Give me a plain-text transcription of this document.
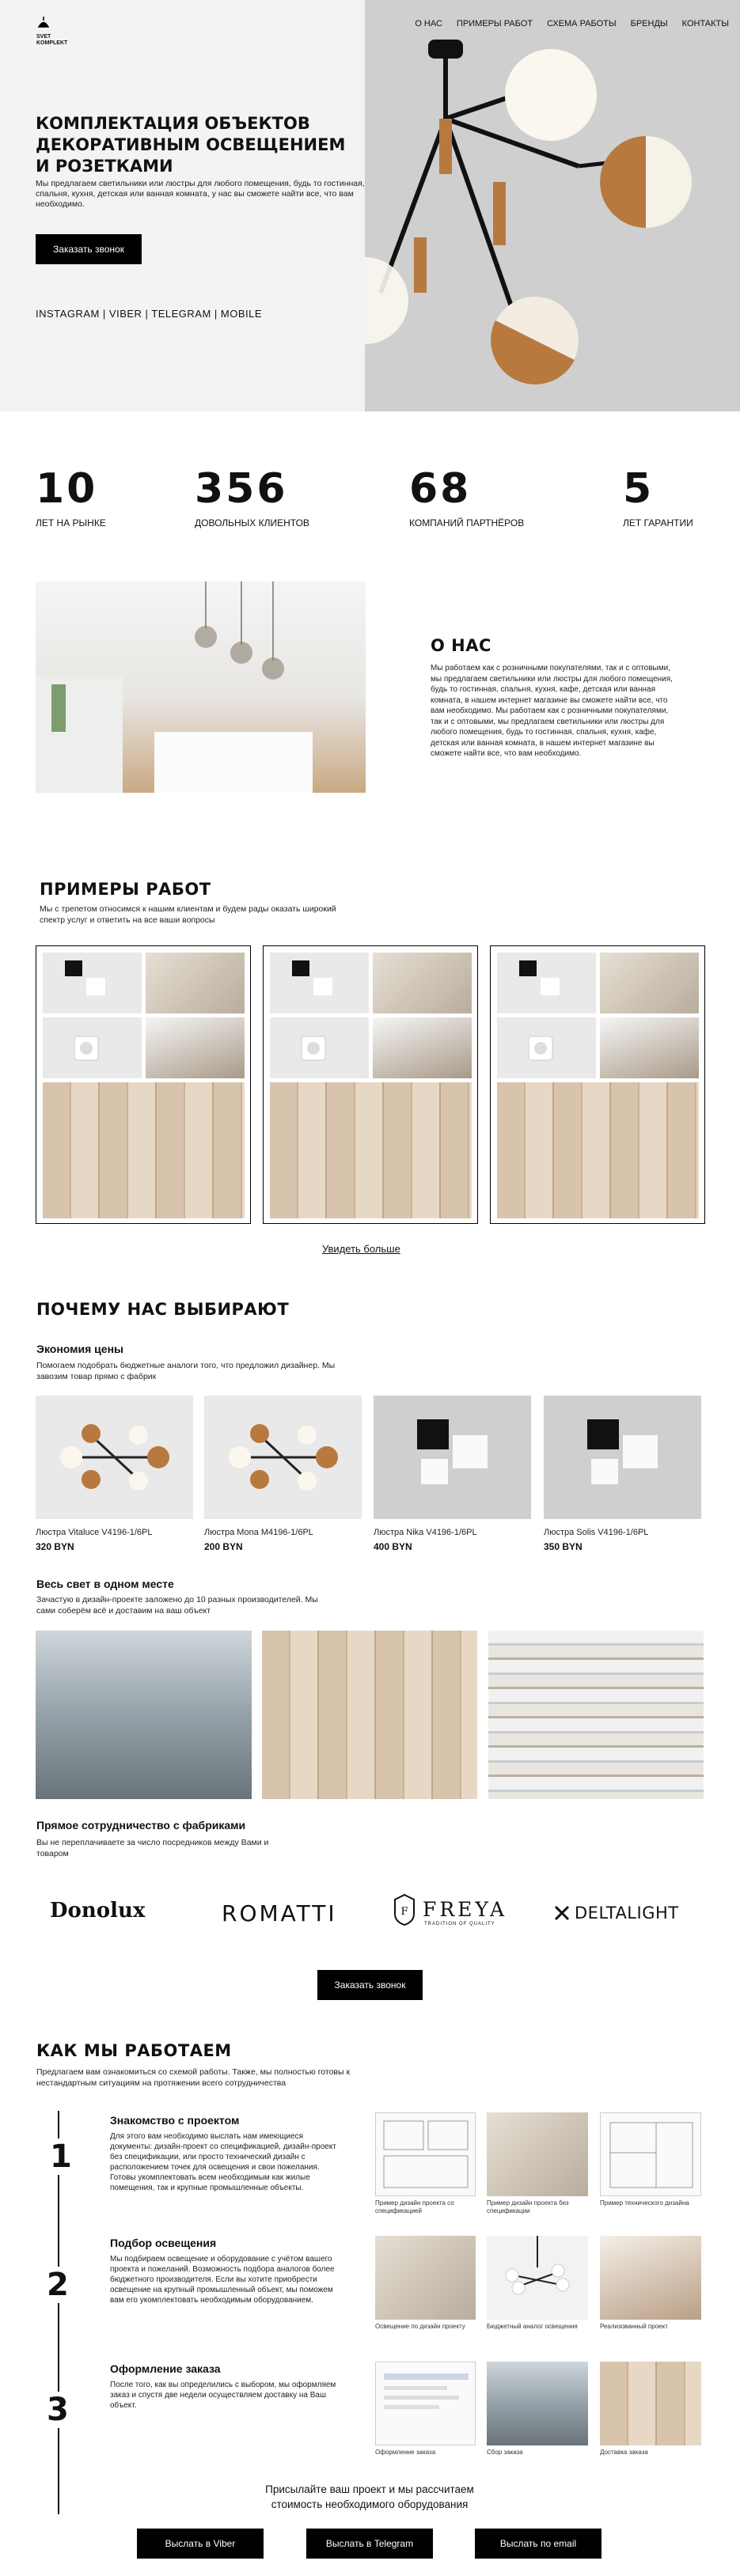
SVET
KOMPLEKT
О НАС ПРИМЕРЫ РАБОТ СХЕМА РАБОТЫ БРЕНДЫ КОНТАКТЫ
КОМПЛЕКТАЦИЯ ОБЪЕКТОВ ДЕКОРАТИВНЫМ ОСВЕЩЕНИЕМ И РОЗЕТКАМИ
Мы предлагаем светильники или люстры для любого помещения, будь то гостинная, спальня, кухня, детская или ванная комната, у нас вы сможете найти все, что вам необходимо.
Заказать звонок
INSTAGRAM | VIBER | TELEGRAM | MOBILE
10
ЛЕТ НА РЫНКЕ
356
ДОВОЛЬНЫХ КЛИЕНТОВ
68
КОМПАНИЙ ПАРТНЁРОВ
5
ЛЕТ ГАРАНТИИ
О НАС
Мы работаем как с розничными покупателями, так и с оптовыми, мы предлагаем светильники или люстры для любого помещения, будь то гостинная, спальня, кухня, кафе, детская или ванная комната, в нашем интернет магазине вы сможете найти все, что вам необходимо. Мы работаем как с розничными покупателями, так и с оптовыми, мы предлагаем светильники или люстры для любого помещения, будь то гостинная, спальня, кухня, кафе, детская или ванная комната, в нашем интернет магазине вы сможете найти все, что вам необходимо.
ПРИМЕРЫ РАБОТ
Мы с трепетом относимся к нашим клиентам и будем рады оказать широкий спектр услуг и ответить на все ваши вопросы
Увидеть больше
ПОЧЕМУ НАС ВЫБИРАЮТ
Экономия цены
Помогаем подобрать бюджетные аналоги того, что предложил дизайнер. Мы завозим товар прямо с фабрик
Люстра Vitaluce V4196-1/6PL
320 BYN
Люстра Mona M4196-1/6PL
200 BYN
Люстра Nika V4196-1/6PL
400 BYN
Люстра Solis V4196-1/6PL
350 BYN
Весь свет в одном месте
Зачастую в дизайн-проекте заложено до 10 разных производителей. Мы сами соберём всё и доставим на ваш объект
Прямое сотрудничество с фабриками
Вы не переплачиваете за число посредников между Вами и товаром
Donolux	ROMATTI	F FREYA
TRADITION OF QUALITY
DELTALIGHT
Заказать звонок
КАК МЫ РАБОТАЕМ
Предлагаем вам ознакомиться со схемой работы. Также, мы полностью готовы к нестандартным ситуациям на протяжении всего сотрудничества
1
2
3
Знакомство с проектом
Для этого вам необходимо выслать нам имеющиеся документы: дизайн-проект со спецификацией, дизайн-проект без спецификации, или просто технический дизайн с расположением точек для освещения и свои пожелания. Готовы укомплектовать всем необходимым как жилые помещения, так и крупные промышленные объекты.
Пример дизайн проекта со спецификацией
Пример дизайн проекта без спецификации
Пример технического дизайна
Подбор освещения
Мы подбираем освещение и оборудование с учётом вашего проекта и пожеланий. Возможность подбора аналогов более бюджетного производителя. Если вы хотите приобрести освещение на крупный промышленный объект, мы поможем вам его укомплектовать необходимым оборудованием.
Освещение по дизайн проекту	Бюджетный аналог освещения	Реализованный проект
Оформление заказа
После того, как вы определились с выбором, мы оформляем заказ и спустя две недели осуществляем доставку на Ваш объект.
Оформление заказа	Сбор заказа	Доставка заказа
Присылайте ваш проект и мы рассчитаем стоимость необходимого оборудования
Выслать в Viber	Выслать в Telegram	Выслать по email
